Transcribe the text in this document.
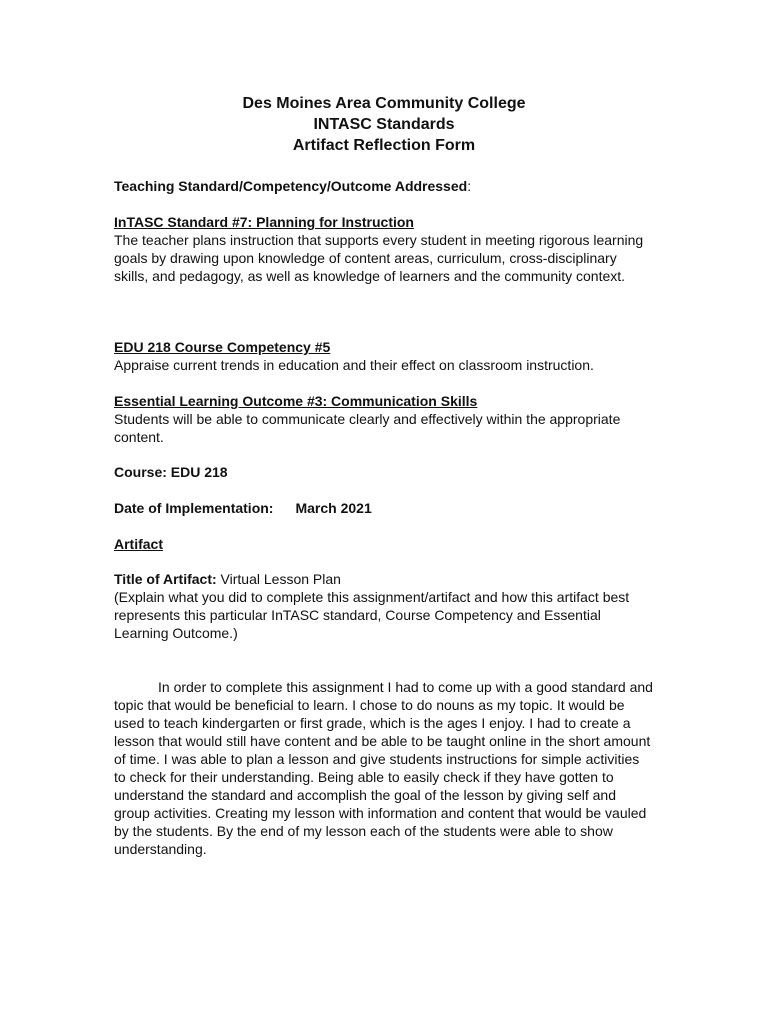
Des Moines Area Community College
INTASC Standards
Artifact Reflection Form
Teaching Standard/Competency/Outcome Addressed:

InTASC Standard #7: Planning for Instruction

The teacher plans instruction that supports every student in meeting rigorous learning goals by drawing upon knowledge of content areas, curriculum, cross-disciplinary skills, and pedagogy, as well as knowledge of learners and the community context.

EDU 218 Course Competency #5

Appraise current trends in education and their effect on classroom instruction.

Essential Learning Outcome #3: Communication Skills

Students will be able to communicate clearly and effectively within the appropriate content.

Course: EDU 218
Date of Implementation: March 2021
Artifact

Title of Artifact: Virtual Lesson Plan

(Explain what you did to complete this assignment/artifact and how this artifact best represents this particular InTASC standard, Course Competency and Essential Learning Outcome.)

In order to complete this assignment I had to come up with a good standard and topic that would be beneficial to learn. I chose to do nouns as my topic. It would be used to teach kindergarten or first grade, which is the ages I enjoy. I had to create a lesson that would still have content and be able to be taught online in the short amount of time. I was able to plan a lesson and give students instructions for simple activities to check for their understanding. Being able to easily check if they have gotten to understand the standard and accomplish the goal of the lesson by giving self and group activities. Creating my lesson with information and content that would be vauled by the students. By the end of my lesson each of the students were able to show understanding.
